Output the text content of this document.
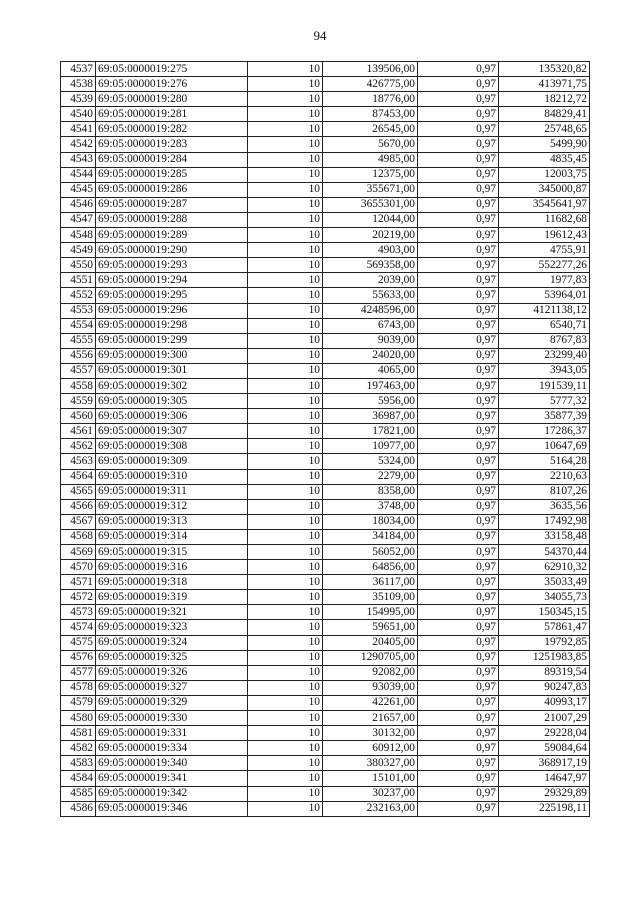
94
4537	69:05:0000019:275	10	139506,00	0,97	135320,82
4538	69:05:0000019:276	10	426775,00	0,97	413971,75
4539	69:05:0000019:280	10	18776,00	0,97	18212,72
4540	69:05:0000019:281	10	87453,00	0,97	84829,41
4541	69:05:0000019:282	10	26545,00	0,97	25748,65
4542	69:05:0000019:283	10	5670,00	0,97	5499,90
4543	69:05:0000019:284	10	4985,00	0,97	4835,45
4544	69:05:0000019:285	10	12375,00	0,97	12003,75
4545	69:05:0000019:286	10	355671,00	0,97	345000,87
4546	69:05:0000019:287	10	3655301,00	0,97	3545641,97
4547	69:05:0000019:288	10	12044,00	0,97	11682,68
4548	69:05:0000019:289	10	20219,00	0,97	19612,43
4549	69:05:0000019:290	10	4903,00	0,97	4755,91
4550	69:05:0000019:293	10	569358,00	0,97	552277,26
4551	69:05:0000019:294	10	2039,00	0,97	1977,83
4552	69:05:0000019:295	10	55633,00	0,97	53964,01
4553	69:05:0000019:296	10	4248596,00	0,97	4121138,12
4554	69:05:0000019:298	10	6743,00	0,97	6540,71
4555	69:05:0000019:299	10	9039,00	0,97	8767,83
4556	69:05:0000019:300	10	24020,00	0,97	23299,40
4557	69:05:0000019:301	10	4065,00	0,97	3943,05
4558	69:05:0000019:302	10	197463,00	0,97	191539,11
4559	69:05:0000019:305	10	5956,00	0,97	5777,32
4560	69:05:0000019:306	10	36987,00	0,97	35877,39
4561	69:05:0000019:307	10	17821,00	0,97	17286,37
4562	69:05:0000019:308	10	10977,00	0,97	10647,69
4563	69:05:0000019:309	10	5324,00	0,97	5164,28
4564	69:05:0000019:310	10	2279,00	0,97	2210,63
4565	69:05:0000019:311	10	8358,00	0,97	8107,26
4566	69:05:0000019:312	10	3748,00	0,97	3635,56
4567	69:05:0000019:313	10	18034,00	0,97	17492,98
4568	69:05:0000019:314	10	34184,00	0,97	33158,48
4569	69:05:0000019:315	10	56052,00	0,97	54370,44
4570	69:05:0000019:316	10	64856,00	0,97	62910,32
4571	69:05:0000019:318	10	36117,00	0,97	35033,49
4572	69:05:0000019:319	10	35109,00	0,97	34055,73
4573	69:05:0000019:321	10	154995,00	0,97	150345,15
4574	69:05:0000019:323	10	59651,00	0,97	57861,47
4575	69:05:0000019:324	10	20405,00	0,97	19792,85
4576	69:05:0000019:325	10	1290705,00	0,97	1251983,85
4577	69:05:0000019:326	10	92082,00	0,97	89319,54
4578	69:05:0000019:327	10	93039,00	0,97	90247,83
4579	69:05:0000019:329	10	42261,00	0,97	40993,17
4580	69:05:0000019:330	10	21657,00	0,97	21007,29
4581	69:05:0000019:331	10	30132,00	0,97	29228,04
4582	69:05:0000019:334	10	60912,00	0,97	59084,64
4583	69:05:0000019:340	10	380327,00	0,97	368917,19
4584	69:05:0000019:341	10	15101,00	0,97	14647,97
4585	69:05:0000019:342	10	30237,00	0,97	29329,89
4586	69:05:0000019:346	10	232163,00	0,97	225198,11
